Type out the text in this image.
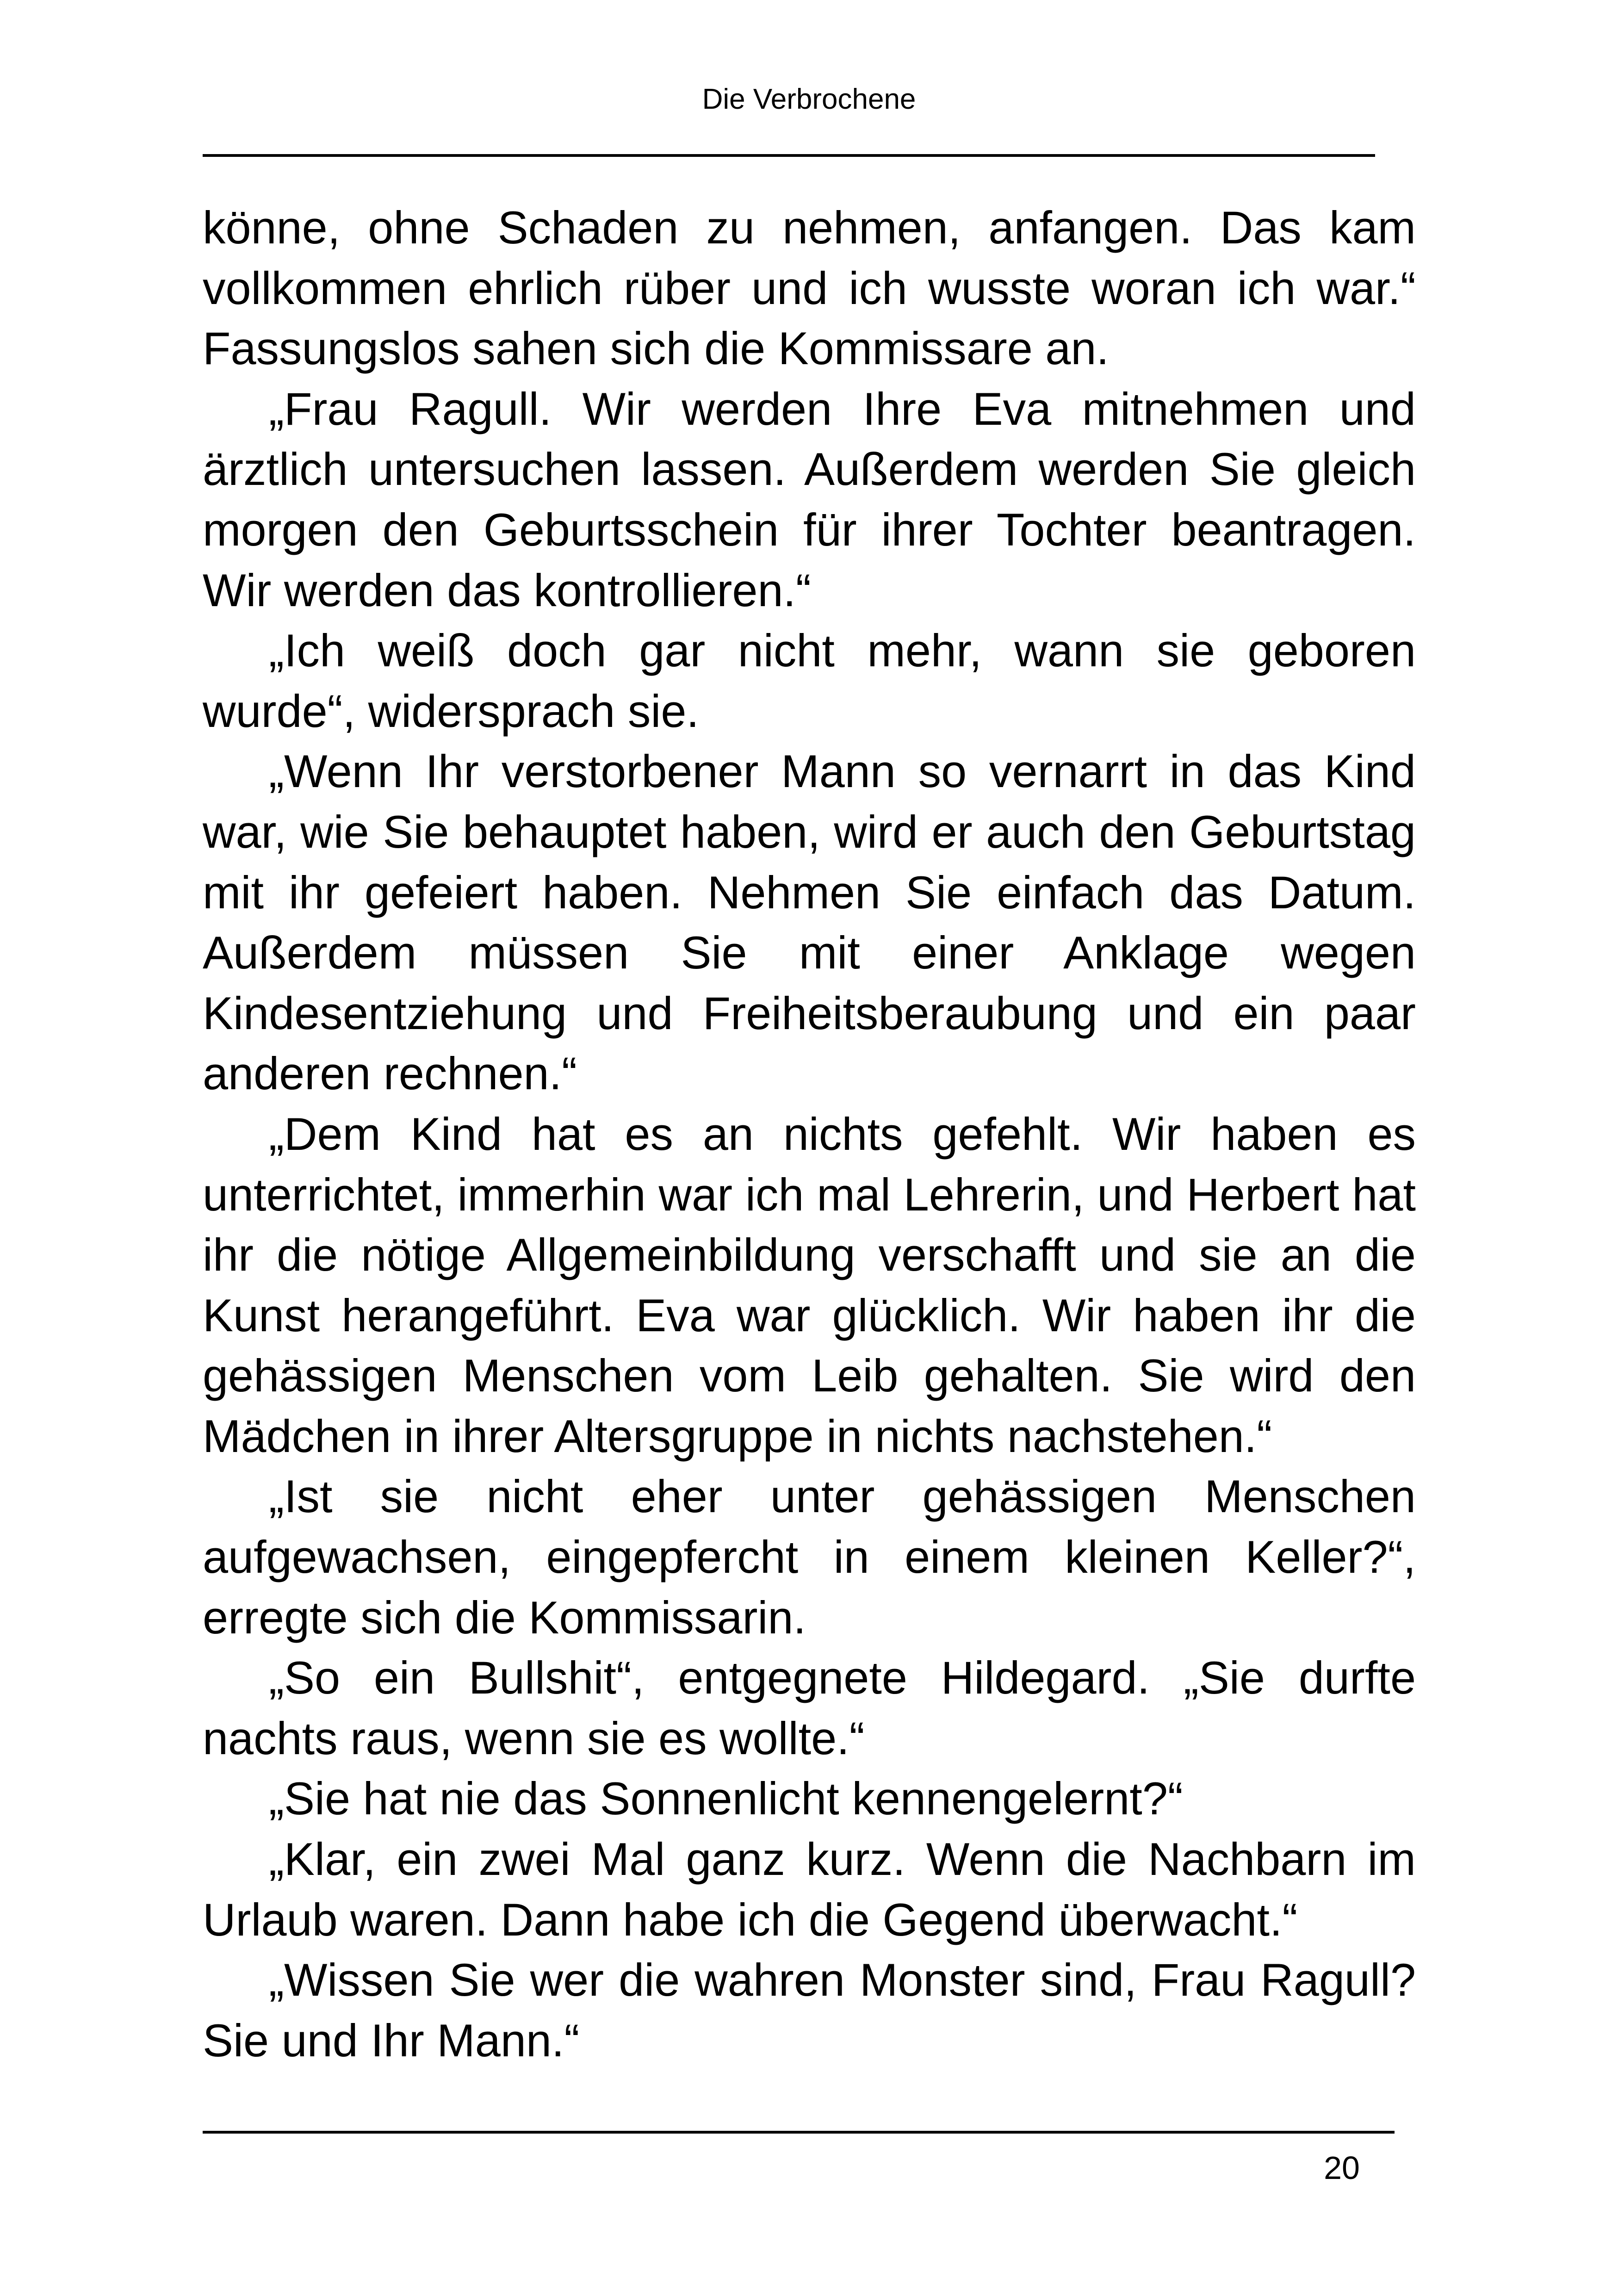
Die Verbrochene

könne, ohne Schaden zu nehmen, anfangen. Das kam vollkommen ehrlich rüber und ich wusste woran ich war.“ Fassungslos sahen sich die Kommissare an.

„Frau Ragull. Wir werden Ihre Eva mitnehmen und ärztlich untersuchen lassen. Außerdem werden Sie gleich morgen den Geburtsschein für ihrer Tochter beantragen. Wir werden das kontrollieren.“

„Ich weiß doch gar nicht mehr, wann sie geboren wurde“, widersprach sie.

„Wenn Ihr verstorbener Mann so vernarrt in das Kind war, wie Sie behauptet haben, wird er auch den Geburtstag mit ihr gefeiert haben. Nehmen Sie einfach das Datum. Außerdem müssen Sie mit einer Anklage wegen Kindesentziehung und Freiheitsberaubung und ein paar anderen rechnen.“

„Dem Kind hat es an nichts gefehlt. Wir haben es unterrichtet, immerhin war ich mal Lehrerin, und Herbert hat ihr die nötige Allgemeinbildung verschafft und sie an die Kunst herangeführt. Eva war glücklich. Wir haben ihr die gehässigen Menschen vom Leib gehalten. Sie wird den Mädchen in ihrer Altersgruppe in nichts nachstehen.“

„Ist sie nicht eher unter gehässigen Menschen aufgewachsen, eingepfercht in einem kleinen Keller?“, erregte sich die Kommissarin.

„So ein Bullshit“, entgegnete Hildegard. „Sie durfte nachts raus, wenn sie es wollte.“

„Sie hat nie das Sonnenlicht kennengelernt?“

„Klar, ein zwei Mal ganz kurz. Wenn die Nachbarn im Urlaub waren. Dann habe ich die Gegend überwacht.“

„Wissen Sie wer die wahren Monster sind, Frau Ragull? Sie und Ihr Mann.“

20
